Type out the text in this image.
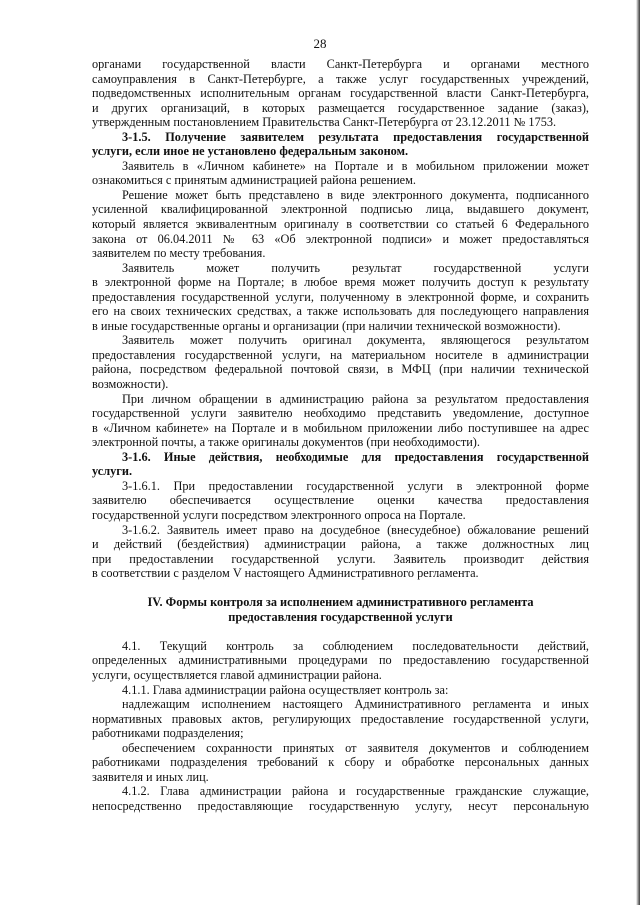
28
органами государственной власти Санкт-Петербурга и органами местного
самоуправления в Санкт-Петербурге, а также услуг государственных учреждений,
подведомственных исполнительным органам государственной власти Санкт-Петербурга,
и других организаций, в которых размещается государственное задание (заказ),
утвержденным постановлением Правительства Санкт-Петербурга от 23.12.2011 № 1753.
3-1.5. Получение заявителем результата предоставления государственной
услуги, если иное не установлено федеральным законом.
Заявитель в «Личном кабинете» на Портале и в мобильном приложении может
ознакомиться с принятым администрацией района решением.
Решение может быть представлено в виде электронного документа, подписанного
усиленной квалифицированной электронной подписью лица, выдавшего документ,
который является эквивалентным оригиналу в соответствии со статьей 6 Федерального
закона от 06.04.2011 № 63 «Об электронной подписи» и может предоставляться
заявителем по месту требования.
Заявитель может получить результат государственной услуги
в электронной форме на Портале; в любое время может получить доступ к результату
предоставления государственной услуги, полученному в электронной форме, и сохранить
его на своих технических средствах, а также использовать для последующего направления
в иные государственные органы и организации (при наличии технической возможности).
Заявитель может получить оригинал документа, являющегося результатом
предоставления государственной услуги, на материальном носителе в администрации
района, посредством федеральной почтовой связи, в МФЦ (при наличии технической
возможности).
При личном обращении в администрацию района за результатом предоставления
государственной услуги заявителю необходимо представить уведомление, доступное
в «Личном кабинете» на Портале и в мобильном приложении либо поступившее на адрес
электронной почты, а также оригиналы документов (при необходимости).
3-1.6. Иные действия, необходимые для предоставления государственной
услуги.
3-1.6.1. При предоставлении государственной услуги в электронной форме
заявителю обеспечивается осуществление оценки качества предоставления
государственной услуги посредством электронного опроса на Портале.
3-1.6.2. Заявитель имеет право на досудебное (внесудебное) обжалование решений
и действий (бездействия) администрации района, а также должностных лиц
при предоставлении государственной услуги. Заявитель производит действия
в соответствии с разделом V настоящего Административного регламента.
IV. Формы контроля за исполнением административного регламента
предоставления государственной услуги
4.1. Текущий контроль за соблюдением последовательности действий,
определенных административными процедурами по предоставлению государственной
услуги, осуществляется главой администрации района.
4.1.1. Глава администрации района осуществляет контроль за:
надлежащим исполнением настоящего Административного регламента и иных
нормативных правовых актов, регулирующих предоставление государственной услуги,
работниками подразделения;
обеспечением сохранности принятых от заявителя документов и соблюдением
работниками подразделения требований к сбору и обработке персональных данных
заявителя и иных лиц.
4.1.2. Глава администрации района и государственные гражданские служащие,
непосредственно предоставляющие государственную услугу, несут персональную
